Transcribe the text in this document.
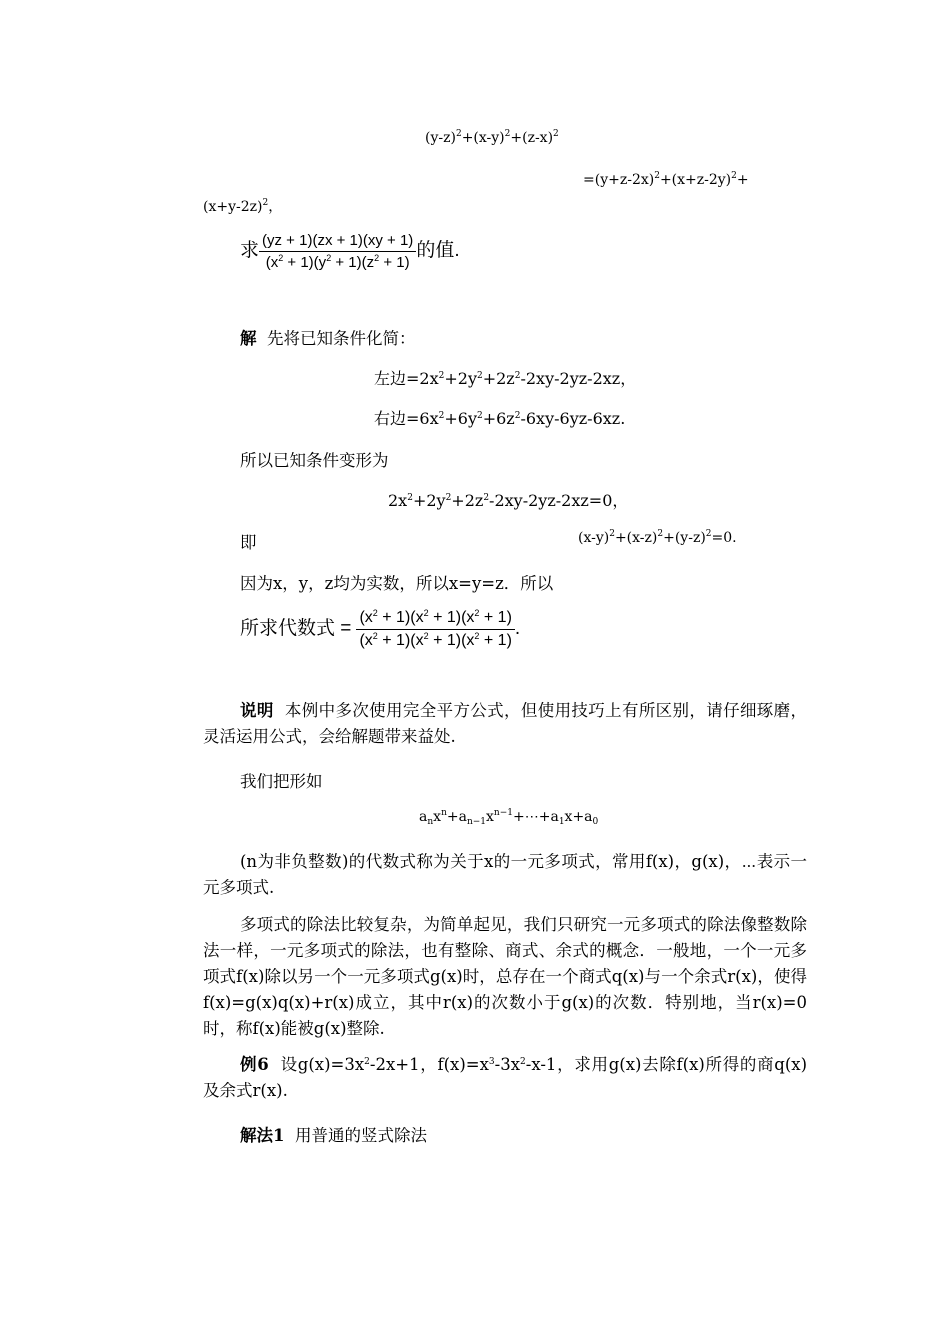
$(y-z)^2+(x-y)^2+(z-x)^2$
$=(y+z-2x)^2+(x+z-2y)^2+$
$(x+y-2z)^2$，
求 $\frac{(yz + 1)(zx + 1)(xy + 1)}{(x^2 + 1)(y^2 + 1)(z^2 + 1)}$ 的值.
解 先将已知条件化简：
左边$=2x^2+2y^2+2z^2-2xy-2yz-2xz$，
右边$=6x^2+6y^2+6z^2-6xy-6yz-6xz$.
所以已知条件变形为
$2x^2+2y^2+2z^2-2xy-2yz-2xz=0$，
即	$(x-y)^2+(x-z)^2+(y-z)^2=0$.
因为x，y，z均为实数，所以x=y=z．所以
所求代数式 = $\frac{(x^2 + 1)(x^2 + 1)(x^2 + 1)}{(x^2 + 1)(x^2 + 1)(x^2 + 1)}$ .
说明 本例中多次使用完全平方公式，但使用技巧上有所区别，请仔细琢磨，灵活运用公式，会给解题带来益处.
我们把形如
$a_nx^n+a_{n-1}x^{n-1}+\cdots+a_1x+a_0$
(n为非负整数)的代数式称为关于x的一元多项式，常用f(x)，g(x)，⋯表示一元多项式.
多项式的除法比较复杂，为简单起见，我们只研究一元多项式的除法像整数除法一样，一元多项式的除法，也有整除、商式、余式的概念．一般地，一个一元多项式f(x)除以另一个一元多项式g(x)时，总存在一个商式q(x)与一个余式r(x)，使得f(x)=g(x)q(x)+r(x)成立，其中r(x)的次数小于g(x)的次数．特别地，当r(x)=0时，称f(x)能被g(x)整除.
例6 设$g(x)=3x^2-2x+1$，$f(x)=x^3-3x^2-x-1$，求用g(x)去除f(x)所得的商q(x)及余式r(x).
解法1 用普通的竖式除法
